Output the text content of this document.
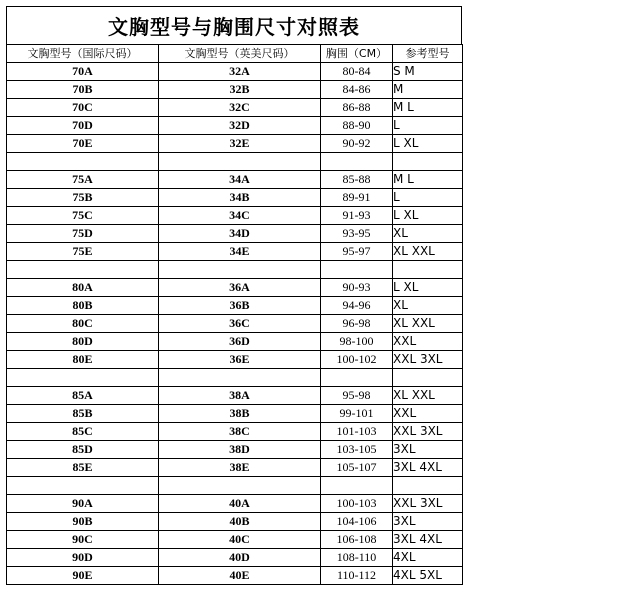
文胸型号与胸围尺寸对照表
文胸型号（国际尺码）	文胸型号（英美尺码）	胸围（CM）	参考型号
70A	32A	80-84	S M
70B	32B	84-86	M
70C	32C	86-88	M L
70D	32D	88-90	L
70E	32E	90-92	L XL

75A	34A	85-88	M L
75B	34B	89-91	L
75C	34C	91-93	L XL
75D	34D	93-95	XL
75E	34E	95-97	XL XXL

80A	36A	90-93	L XL
80B	36B	94-96	XL
80C	36C	96-98	XL XXL
80D	36D	98-100	XXL
80E	36E	100-102	XXL 3XL

85A	38A	95-98	XL XXL
85B	38B	99-101	XXL
85C	38C	101-103	XXL 3XL
85D	38D	103-105	3XL
85E	38E	105-107	3XL 4XL

90A	40A	100-103	XXL 3XL
90B	40B	104-106	3XL
90C	40C	106-108	3XL 4XL
90D	40D	108-110	4XL
90E	40E	110-112	4XL 5XL
